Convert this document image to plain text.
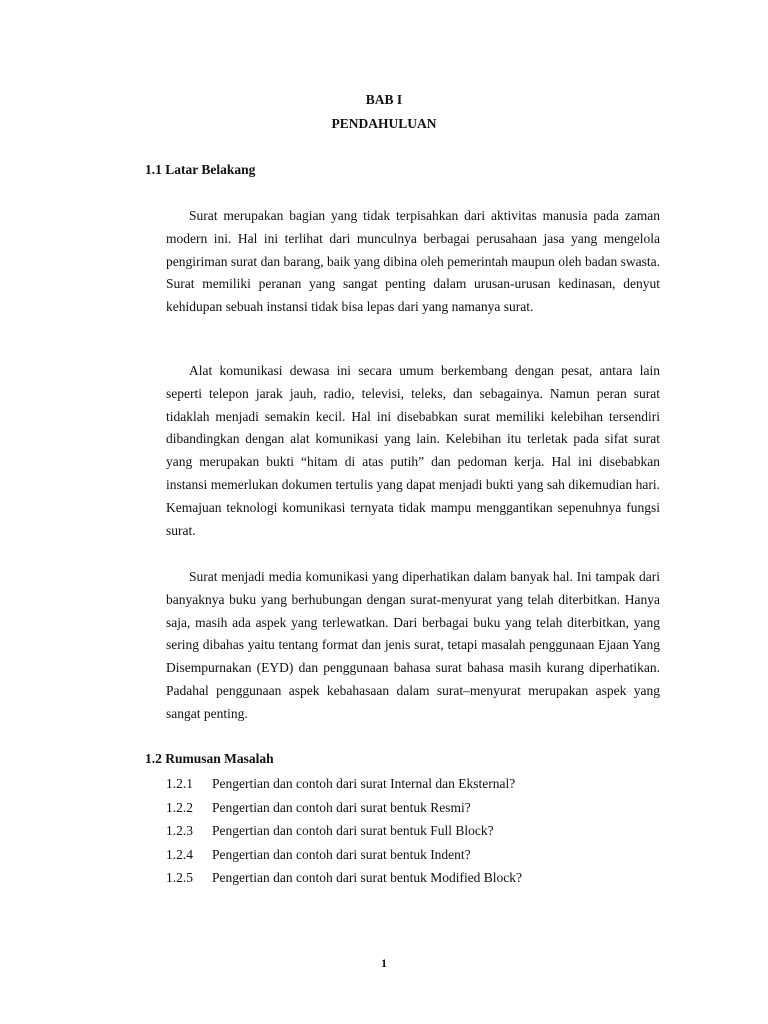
BAB I
PENDAHULUAN
1.1 Latar Belakang

Surat merupakan bagian yang tidak terpisahkan dari aktivitas manusia pada zaman modern ini. Hal ini terlihat dari munculnya berbagai perusahaan jasa yang mengelola pengiriman surat dan barang, baik yang dibina oleh pemerintah maupun oleh badan swasta. Surat memiliki peranan yang sangat penting dalam urusan-urusan kedinasan, denyut kehidupan sebuah instansi tidak bisa lepas dari yang namanya surat.

Alat komunikasi dewasa ini secara umum berkembang dengan pesat, antara lain seperti telepon jarak jauh, radio, televisi, teleks, dan sebagainya. Namun peran surat tidaklah menjadi semakin kecil. Hal ini disebabkan surat memiliki kelebihan tersendiri dibandingkan dengan alat komunikasi yang lain. Kelebihan itu terletak pada sifat surat yang merupakan bukti “hitam di atas putih” dan pedoman kerja. Hal ini disebabkan instansi memerlukan dokumen tertulis yang dapat menjadi bukti yang sah dikemudian hari. Kemajuan teknologi komunikasi ternyata tidak mampu menggantikan sepenuhnya fungsi surat.

Surat menjadi media komunikasi yang diperhatikan dalam banyak hal. Ini tampak dari banyaknya buku yang berhubungan dengan surat-menyurat yang telah diterbitkan. Hanya saja, masih ada aspek yang terlewatkan. Dari berbagai buku yang telah diterbitkan, yang sering dibahas yaitu tentang format dan jenis surat, tetapi masalah penggunaan Ejaan Yang Disempurnakan (EYD) dan penggunaan bahasa surat bahasa masih kurang diperhatikan. Padahal penggunaan aspek kebahasaan dalam surat–menyurat merupakan aspek yang sangat penting.

1.2 Rumusan Masalah
1.2.1 Pengertian dan contoh dari surat Internal dan Eksternal?
1.2.2 Pengertian dan contoh dari surat bentuk Resmi?
1.2.3 Pengertian dan contoh dari surat bentuk Full Block?
1.2.4 Pengertian dan contoh dari surat bentuk Indent?
1.2.5 Pengertian dan contoh dari surat bentuk Modified Block?
1
